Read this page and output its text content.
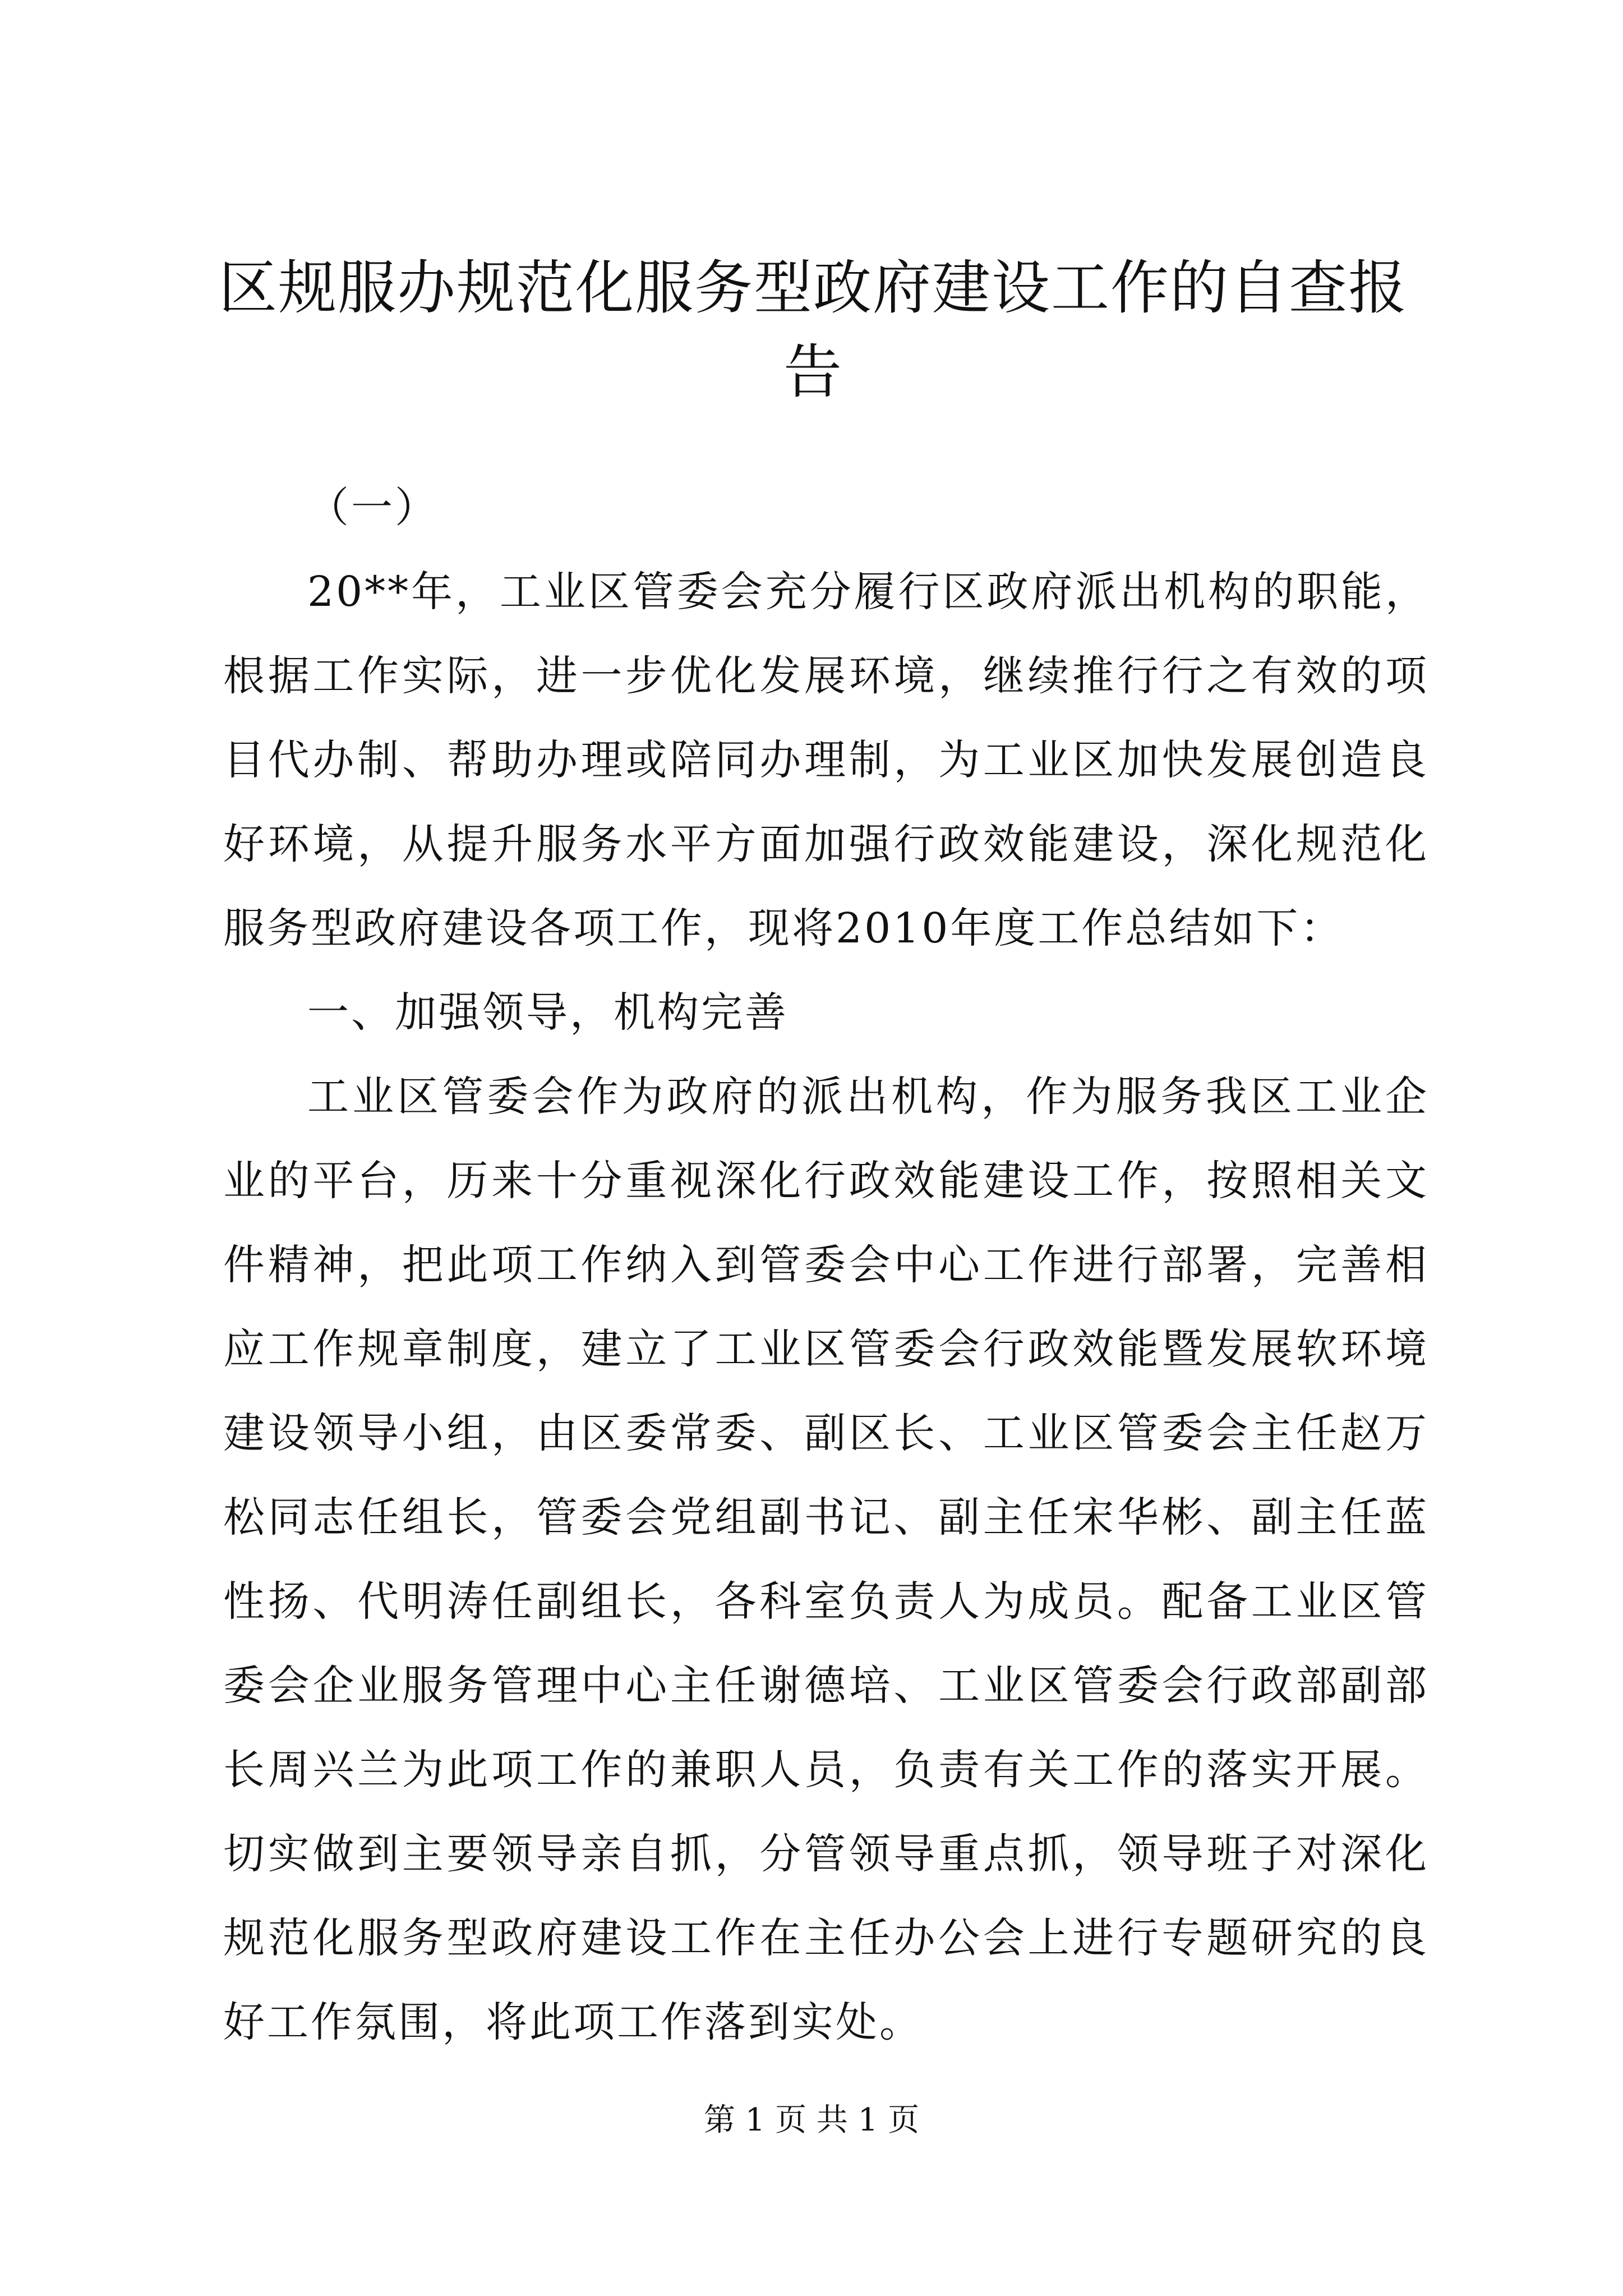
区规服办规范化服务型政府建设工作的自查报
告

（一）

20**年，工业区管委会充分履行区政府派出机构的职能，根据工作实际，进一步优化发展环境，继续推行行之有效的项目代办制、帮助办理或陪同办理制，为工业区加快发展创造良好环境，从提升服务水平方面加强行政效能建设，深化规范化服务型政府建设各项工作，现将2010年度工作总结如下：

一、加强领导，机构完善

工业区管委会作为政府的派出机构，作为服务我区工业企业的平台，历来十分重视深化行政效能建设工作，按照相关文件精神，把此项工作纳入到管委会中心工作进行部署，完善相应工作规章制度，建立了工业区管委会行政效能暨发展软环境建设领导小组，由区委常委、副区长、工业区管委会主任赵万松同志任组长，管委会党组副书记、副主任宋华彬、副主任蓝性扬、代明涛任副组长，各科室负责人为成员。配备工业区管委会企业服务管理中心主任谢德培、工业区管委会行政部副部长周兴兰为此项工作的兼职人员，负责有关工作的落实开展。切实做到主要领导亲自抓，分管领导重点抓，领导班子对深化规范化服务型政府建设工作在主任办公会上进行专题研究的良好工作氛围，将此项工作落到实处。

第 1 页 共 1 页
